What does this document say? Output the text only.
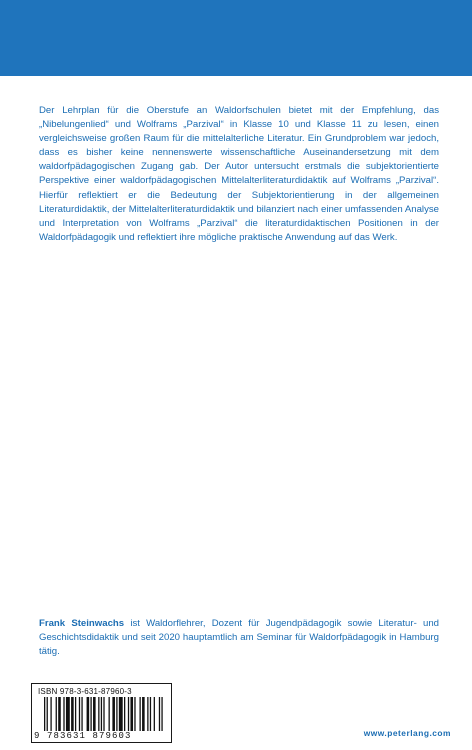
Der Lehrplan für die Oberstufe an Waldorfschulen bietet mit der Empfehlung, das „Nibelungenlied“ und Wolframs „Parzival“ in Klasse 10 und Klasse 11 zu lesen, einen vergleichsweise großen Raum für die mittelalterliche Literatur. Ein Grundproblem war jedoch, dass es bisher keine nennenswerte wissenschaftliche Auseinandersetzung mit dem waldorfpädagogischen Zugang gab. Der Autor untersucht erstmals die subjektorientierte Perspektive einer waldorfpädagogischen Mittelalterliteraturdidaktik auf Wolframs „Parzival“. Hierfür reflektiert er die Bedeutung der Subjektorientierung in der allgemeinen Literaturdidaktik, der Mittelalterliteraturdidaktik und bilanziert nach einer umfassenden Analyse und Interpretation von Wolframs „Parzival“ die literaturdidaktischen Positionen in der Waldorfpädagogik und reflektiert ihre mögliche praktische Anwendung auf das Werk.

Frank Steinwachs ist Waldorflehrer, Dozent für Jugendpädagogik sowie Literatur- und Geschichtsdidaktik und seit 2020 hauptamtlich am Seminar für Waldorfpädagogik in Hamburg tätig.

ISBN 978-3-631-87960-3
9 783631 879603	www.peterlang.com
